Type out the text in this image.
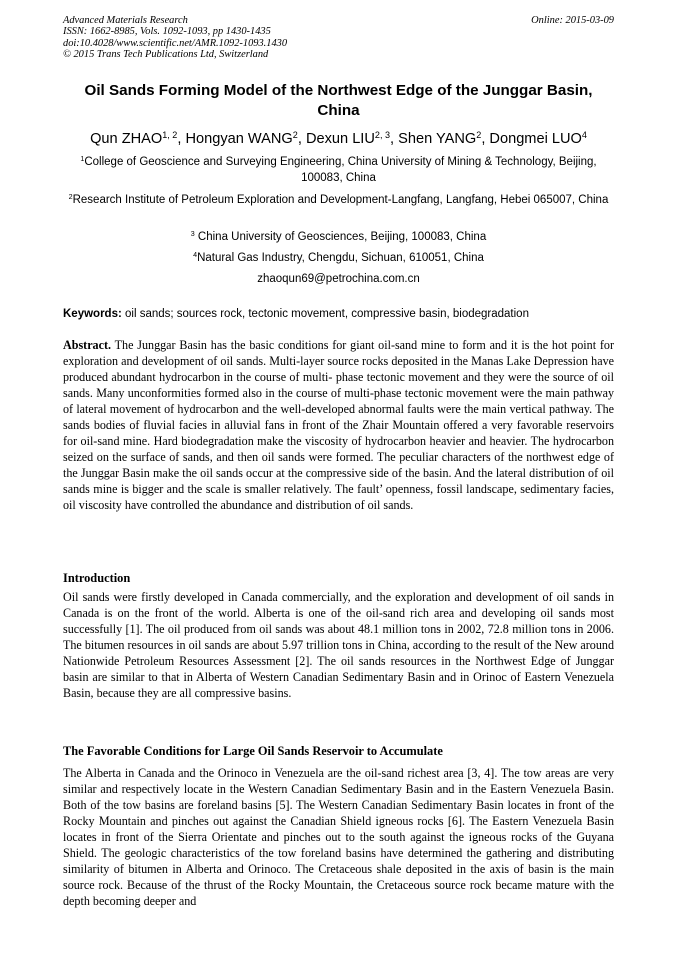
Advanced Materials Research
ISSN: 1662-8985, Vols. 1092-1093, pp 1430-1435
doi:10.4028/www.scientific.net/AMR.1092-1093.1430
© 2015 Trans Tech Publications Ltd, Switzerland
Online: 2015-03-09
Oil Sands Forming Model of the Northwest Edge of the Junggar Basin, China
Qun ZHAO$^{1, 2}$, Hongyan WANG$^2$, Dexun LIU$^{2, 3}$, Shen YANG$^2$, Dongmei LUO$^4$
$^1$College of Geoscience and Surveying Engineering, China University of Mining & Technology, Beijing, 100083, China
$^2$Research Institute of Petroleum Exploration and Development-Langfang, Langfang, Hebei 065007, China
$^3$ China University of Geosciences, Beijing, 100083, China
$^4$Natural Gas Industry, Chengdu, Sichuan, 610051, China
zhaoqun69@petrochina.com.cn
Keywords: oil sands; sources rock, tectonic movement, compressive basin, biodegradation
Abstract. The Junggar Basin has the basic conditions for giant oil-sand mine to form and it is the hot point for exploration and development of oil sands. Multi-layer source rocks deposited in the Manas Lake Depression have produced abundant hydrocarbon in the course of multi- phase tectonic movement and they were the source of oil sands. Many unconformities formed also in the course of multi-phase tectonic movement were the main pathway of lateral movement of hydrocarbon and the well-developed abnormal faults were the main vertical pathway. The sands bodies of fluvial facies in alluvial fans in front of the Zhair Mountain offered a very favorable reservoirs for oil-sand mine. Hard biodegradation make the viscosity of hydrocarbon heavier and heavier. The hydrocarbon seized on the surface of sands, and then oil sands were formed. The peculiar characters of the northwest edge of the Junggar Basin make the oil sands occur at the compressive side of the basin. And the lateral distribution of oil sands mine is bigger and the scale is smaller relatively. The fault’ openness, fossil landscape, sedimentary facies, oil viscosity have controlled the abundance and distribution of oil sands.
Introduction
Oil sands were firstly developed in Canada commercially, and the exploration and development of oil sands in Canada is on the front of the world. Alberta is one of the oil-sand rich area and developing oil sands most successfully [1]. The oil produced from oil sands was about 48.1 million tons in 2002, 72.8 million tons in 2006. The bitumen resources in oil sands are about 5.97 trillion tons in China, according to the result of the New around Nationwide Petroleum Resources Assessment [2]. The oil sands resources in the Northwest Edge of Junggar basin are similar to that in Alberta of Western Canadian Sedimentary Basin and in Orinoc of Eastern Venezuela Basin, because they are all compressive basins.
The Favorable Conditions for Large Oil Sands Reservoir to Accumulate
The Alberta in Canada and the Orinoco in Venezuela are the oil-sand richest area [3, 4]. The tow areas are very similar and respectively locate in the Western Canadian Sedimentary Basin and in the Eastern Venezuela Basin. Both of the tow basins are foreland basins [5]. The Western Canadian Sedimentary Basin locates in front of the Rocky Mountain and pinches out against the Canadian Shield igneous rocks [6]. The Eastern Venezuela Basin locates in front of the Sierra Orientate and pinches out to the south against the igneous rocks of the Guyana Shield. The geologic characteristics of the tow foreland basins have determined the gathering and distributing similarity of bitumen in Alberta and Orinoco. The Cretaceous shale deposited in the axis of basin is the main source rock. Because of the thrust of the Rocky Mountain, the Cretaceous source rock became mature with the depth becoming deeper and
